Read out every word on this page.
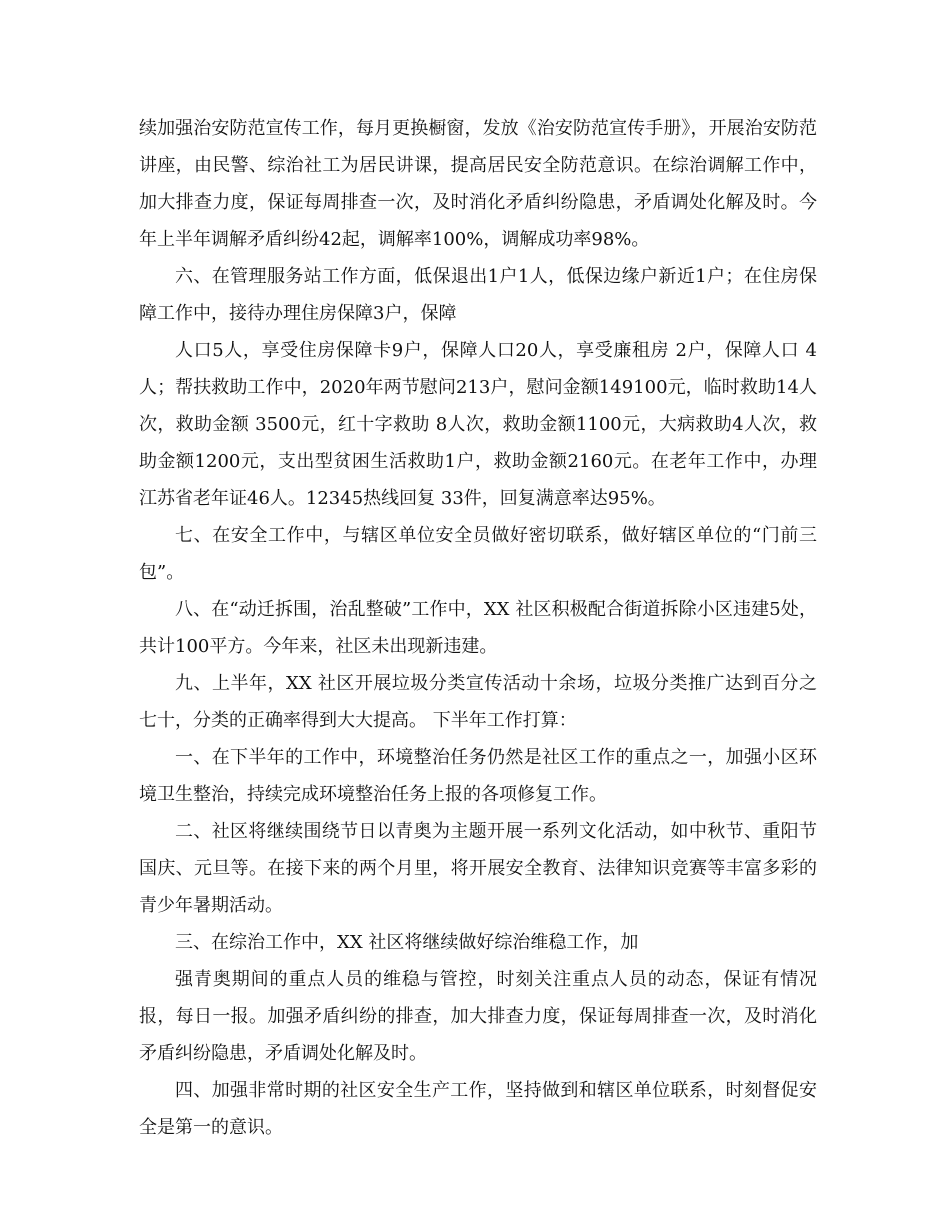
续加强治安防范宣传工作，每月更换橱窗，发放《治安防范宣传手册》，开展治安防范讲座，由民警、综治社工为居民讲课，提高居民安全防范意识。在综治调解工作中，加大排查力度，保证每周排查一次，及时消化矛盾纠纷隐患，矛盾调处化解及时。今年上半年调解矛盾纠纷42起，调解率100%，调解成功率98%。

六、在管理服务站工作方面，低保退出1户1人，低保边缘户新近1户；在住房保障工作中，接待办理住房保障3户，保障

人口5人，享受住房保障卡9户，保障人口20人，享受廉租房 2户，保障人口 4人；帮扶救助工作中，2020年两节慰问213户，慰问金额149100元，临时救助14人次，救助金额 3500元，红十字救助 8人次，救助金额1100元，大病救助4人次，救助金额1200元，支出型贫困生活救助1户，救助金额2160元。在老年工作中，办理江苏省老年证46人。12345热线回复 33件，回复满意率达95%。

七、在安全工作中，与辖区单位安全员做好密切联系，做好辖区单位的“门前三包”。

八、在“动迁拆围，治乱整破”工作中，XX 社区积极配合街道拆除小区违建5处，共计100平方。今年来，社区未出现新违建。

九、上半年，XX 社区开展垃圾分类宣传活动十余场，垃圾分类推广达到百分之七十，分类的正确率得到大大提高。 下半年工作打算：

一、在下半年的工作中，环境整治任务仍然是社区工作的重点之一，加强小区环境卫生整治，持续完成环境整治任务上报的各项修复工作。

二、社区将继续围绕节日以青奥为主题开展一系列文化活动，如中秋节、重阳节国庆、元旦等。在接下来的两个月里，将开展安全教育、法律知识竞赛等丰富多彩的青少年暑期活动。

三、在综治工作中，XX 社区将继续做好综治维稳工作，加

强青奥期间的重点人员的维稳与管控，时刻关注重点人员的动态，保证有情况报，每日一报。加强矛盾纠纷的排查，加大排查力度，保证每周排查一次，及时消化矛盾纠纷隐患，矛盾调处化解及时。

四、加强非常时期的社区安全生产工作，坚持做到和辖区单位联系，时刻督促安全是第一的意识。
